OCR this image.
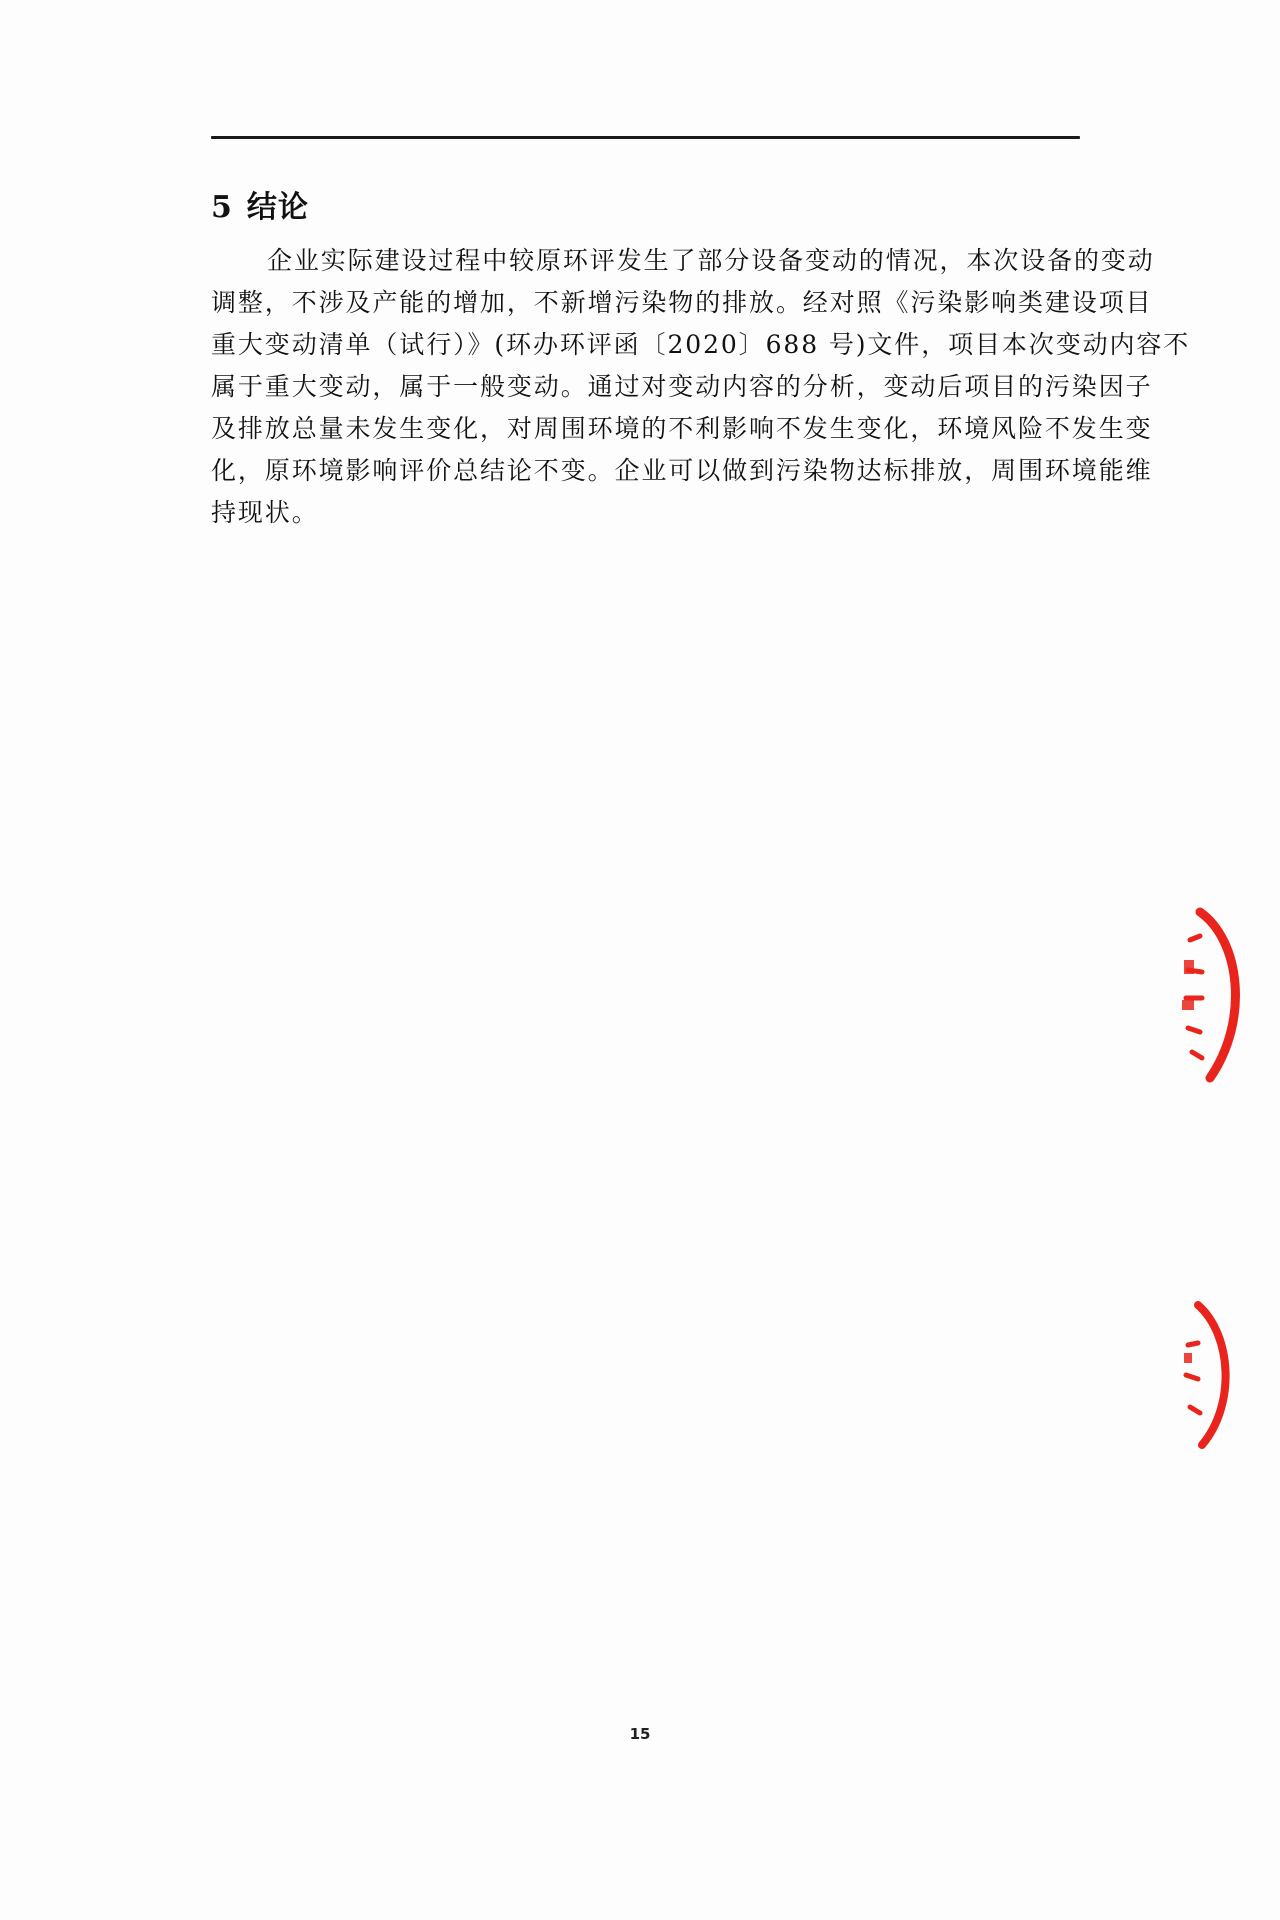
5 结论

企业实际建设过程中较原环评发生了部分设备变动的情况，本次设备的变动
调整，不涉及产能的增加，不新增污染物的排放。经对照《污染影响类建设项目
重大变动清单（试行）》(环办环评函〔2020〕688 号)文件，项目本次变动内容不
属于重大变动，属于一般变动。通过对变动内容的分析，变动后项目的污染因子
及排放总量未发生变化，对周围环境的不利影响不发生变化，环境风险不发生变
化，原环境影响评价总结论不变。企业可以做到污染物达标排放，周围环境能维
持现状。

15
